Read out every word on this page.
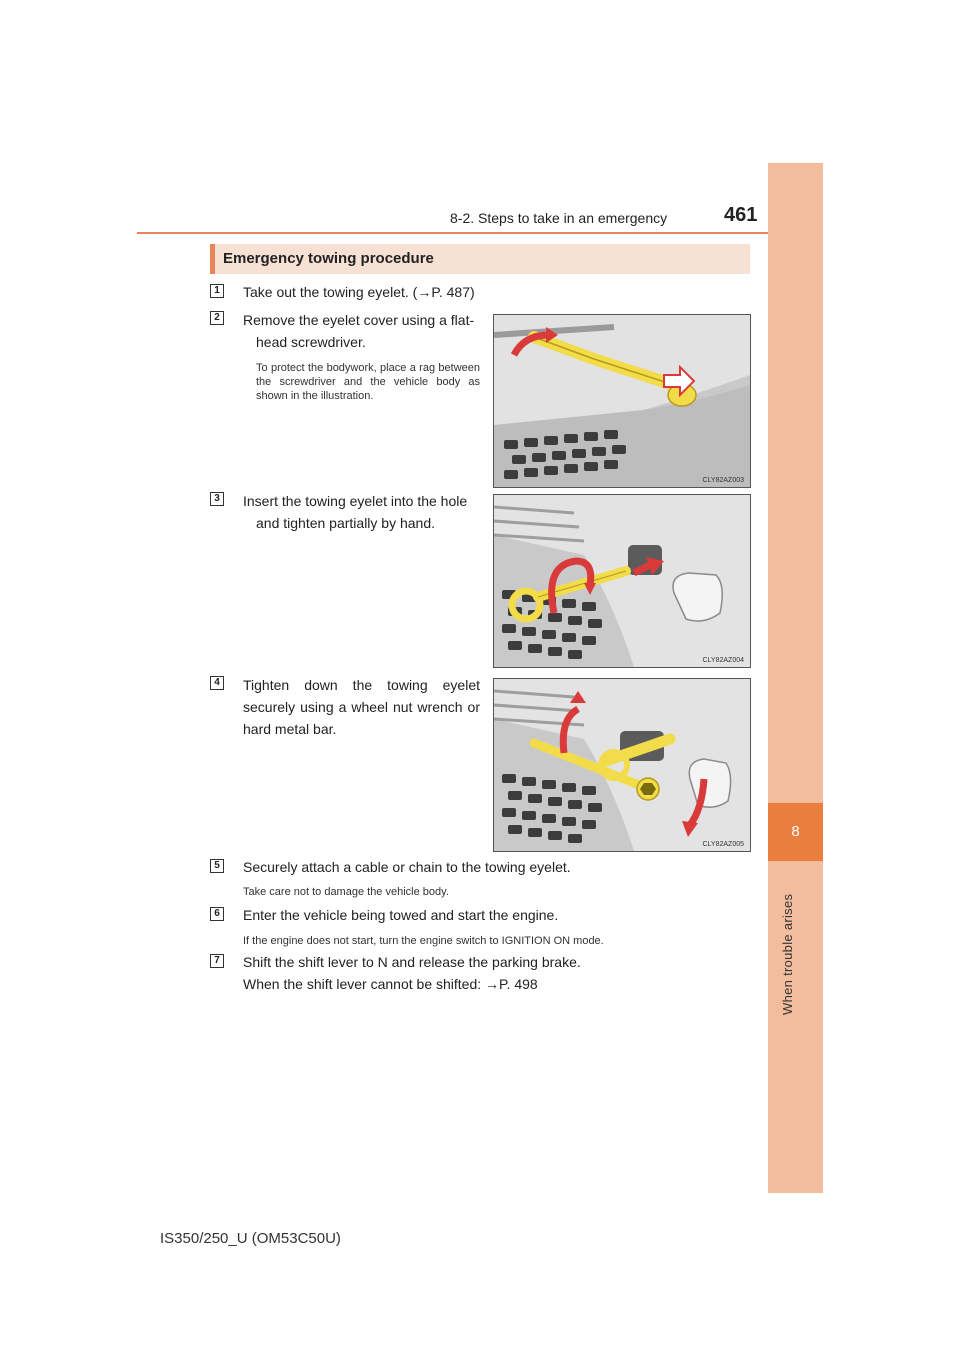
8-2. Steps to take in an emergency	461
8
When trouble arises
Emergency towing procedure
1	Take out the towing eyelet. (→P. 487)
2	Remove the eyelet cover using a flat-
head screwdriver.
To protect the bodywork, place a rag between the screwdriver and the vehicle body as shown in the illustration.
CLY82AZ003
3	Insert the towing eyelet into the hole
and tighten partially by hand.
CLY82AZ004
4	Tighten down the towing eyelet securely using a wheel nut wrench or hard metal bar.
CLY82AZ005
5	Securely attach a cable or chain to the towing eyelet.
Take care not to damage the vehicle body.
6	Enter the vehicle being towed and start the engine.
If the engine does not start, turn the engine switch to IGNITION ON mode.
7	Shift the shift lever to N and release the parking brake.
When the shift lever cannot be shifted: →P. 498
IS350/250_U (OM53C50U)
